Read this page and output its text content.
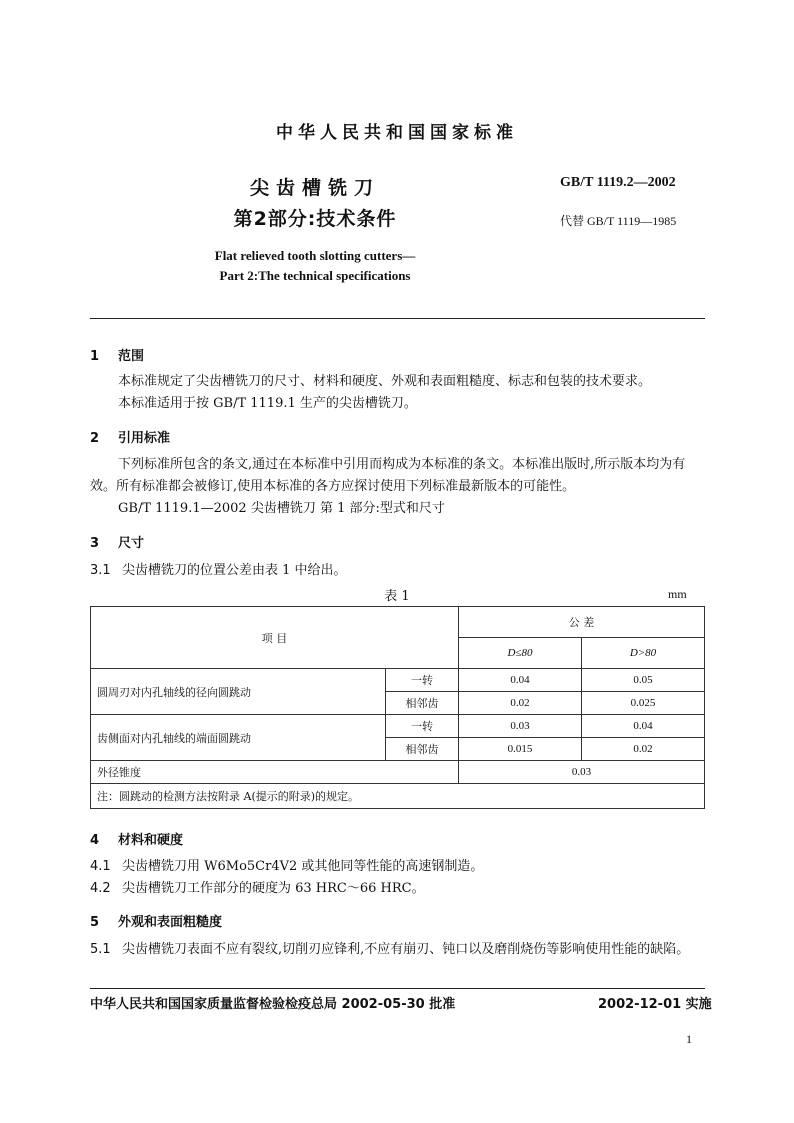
中华人民共和国国家标准
尖齿槽铣刀
第2部分:技术条件
GB/T 1119.2—2002
代替 GB/T 1119—1985
Flat relieved tooth slotting cutters—
Part 2:The technical specifications
1 范围
本标准规定了尖齿槽铣刀的尺寸、材料和硬度、外观和表面粗糙度、标志和包装的技术要求。
本标准适用于按 GB/T 1119.1 生产的尖齿槽铣刀。
2 引用标准
下列标准所包含的条文,通过在本标准中引用而构成为本标准的条文。本标准出版时,所示版本均为有效。所有标准都会被修订,使用本标准的各方应探讨使用下列标准最新版本的可能性。
GB/T 1119.1—2002 尖齿槽铣刀 第 1 部分:型式和尺寸
3 尺寸
3.1 尖齿槽铣刀的位置公差由表 1 中给出。
表 1	mm
项 目		公 差	
		D≤80	D>80
圆周刃对内孔轴线的径向圆跳动	一转	0.04	0.05
	相邻齿	0.02	0.025
齿侧面对内孔轴线的端面圆跳动	一转	0.03	0.04
	相邻齿	0.015	0.02
外径锥度		0.03	
注：圆跳动的检测方法按附录 A(提示的附录)的规定。			
4 材料和硬度
4.1 尖齿槽铣刀用 W6Mo5Cr4V2 或其他同等性能的高速钢制造。
4.2 尖齿槽铣刀工作部分的硬度为 63 HRC～66 HRC。
5 外观和表面粗糙度
5.1 尖齿槽铣刀表面不应有裂纹,切削刃应锋利,不应有崩刃、钝口以及磨削烧伤等影响使用性能的缺陷。
中华人民共和国国家质量监督检验检疫总局 2002-05-30 批准	2002-12-01 实施
1
